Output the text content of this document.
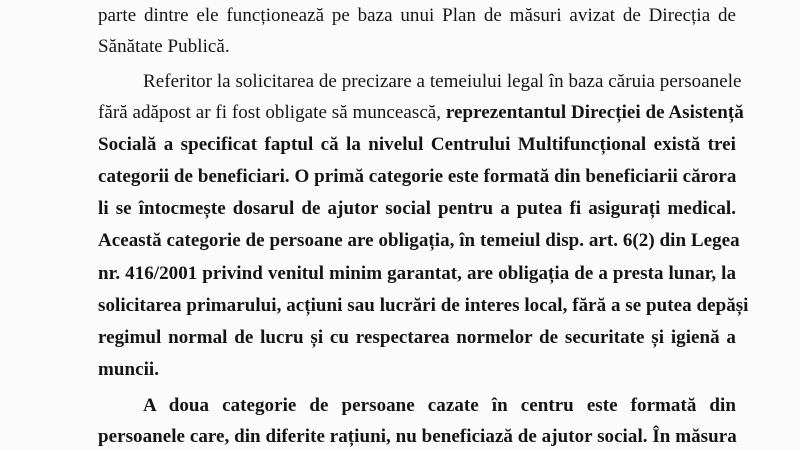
parte dintre ele funcționează pe baza unui Plan de măsuri avizat de Direcția de
Sănătate Publică.
Referitor la solicitarea de precizare a temeiului legal în baza căruia persoanele
fără adăpost ar fi fost obligate să muncească, reprezentantul Direcției de Asistență
Socială a specificat faptul că la nivelul Centrului Multifuncțional există trei
categorii de beneficiari. O primă categorie este formată din beneficiarii cărora
li se întocmește dosarul de ajutor social pentru a putea fi asigurați medical.
Această categorie de persoane are obligația, în temeiul disp. art. 6(2) din Legea
nr. 416/2001 privind venitul minim garantat, are obligația de a presta lunar, la
solicitarea primarului, acțiuni sau lucrări de interes local, fără a se putea depăși
regimul normal de lucru și cu respectarea normelor de securitate și igienă a
muncii.
A doua categorie de persoane cazate în centru este formată din
persoanele care, din diferite rațiuni, nu beneficiază de ajutor social. În măsura
